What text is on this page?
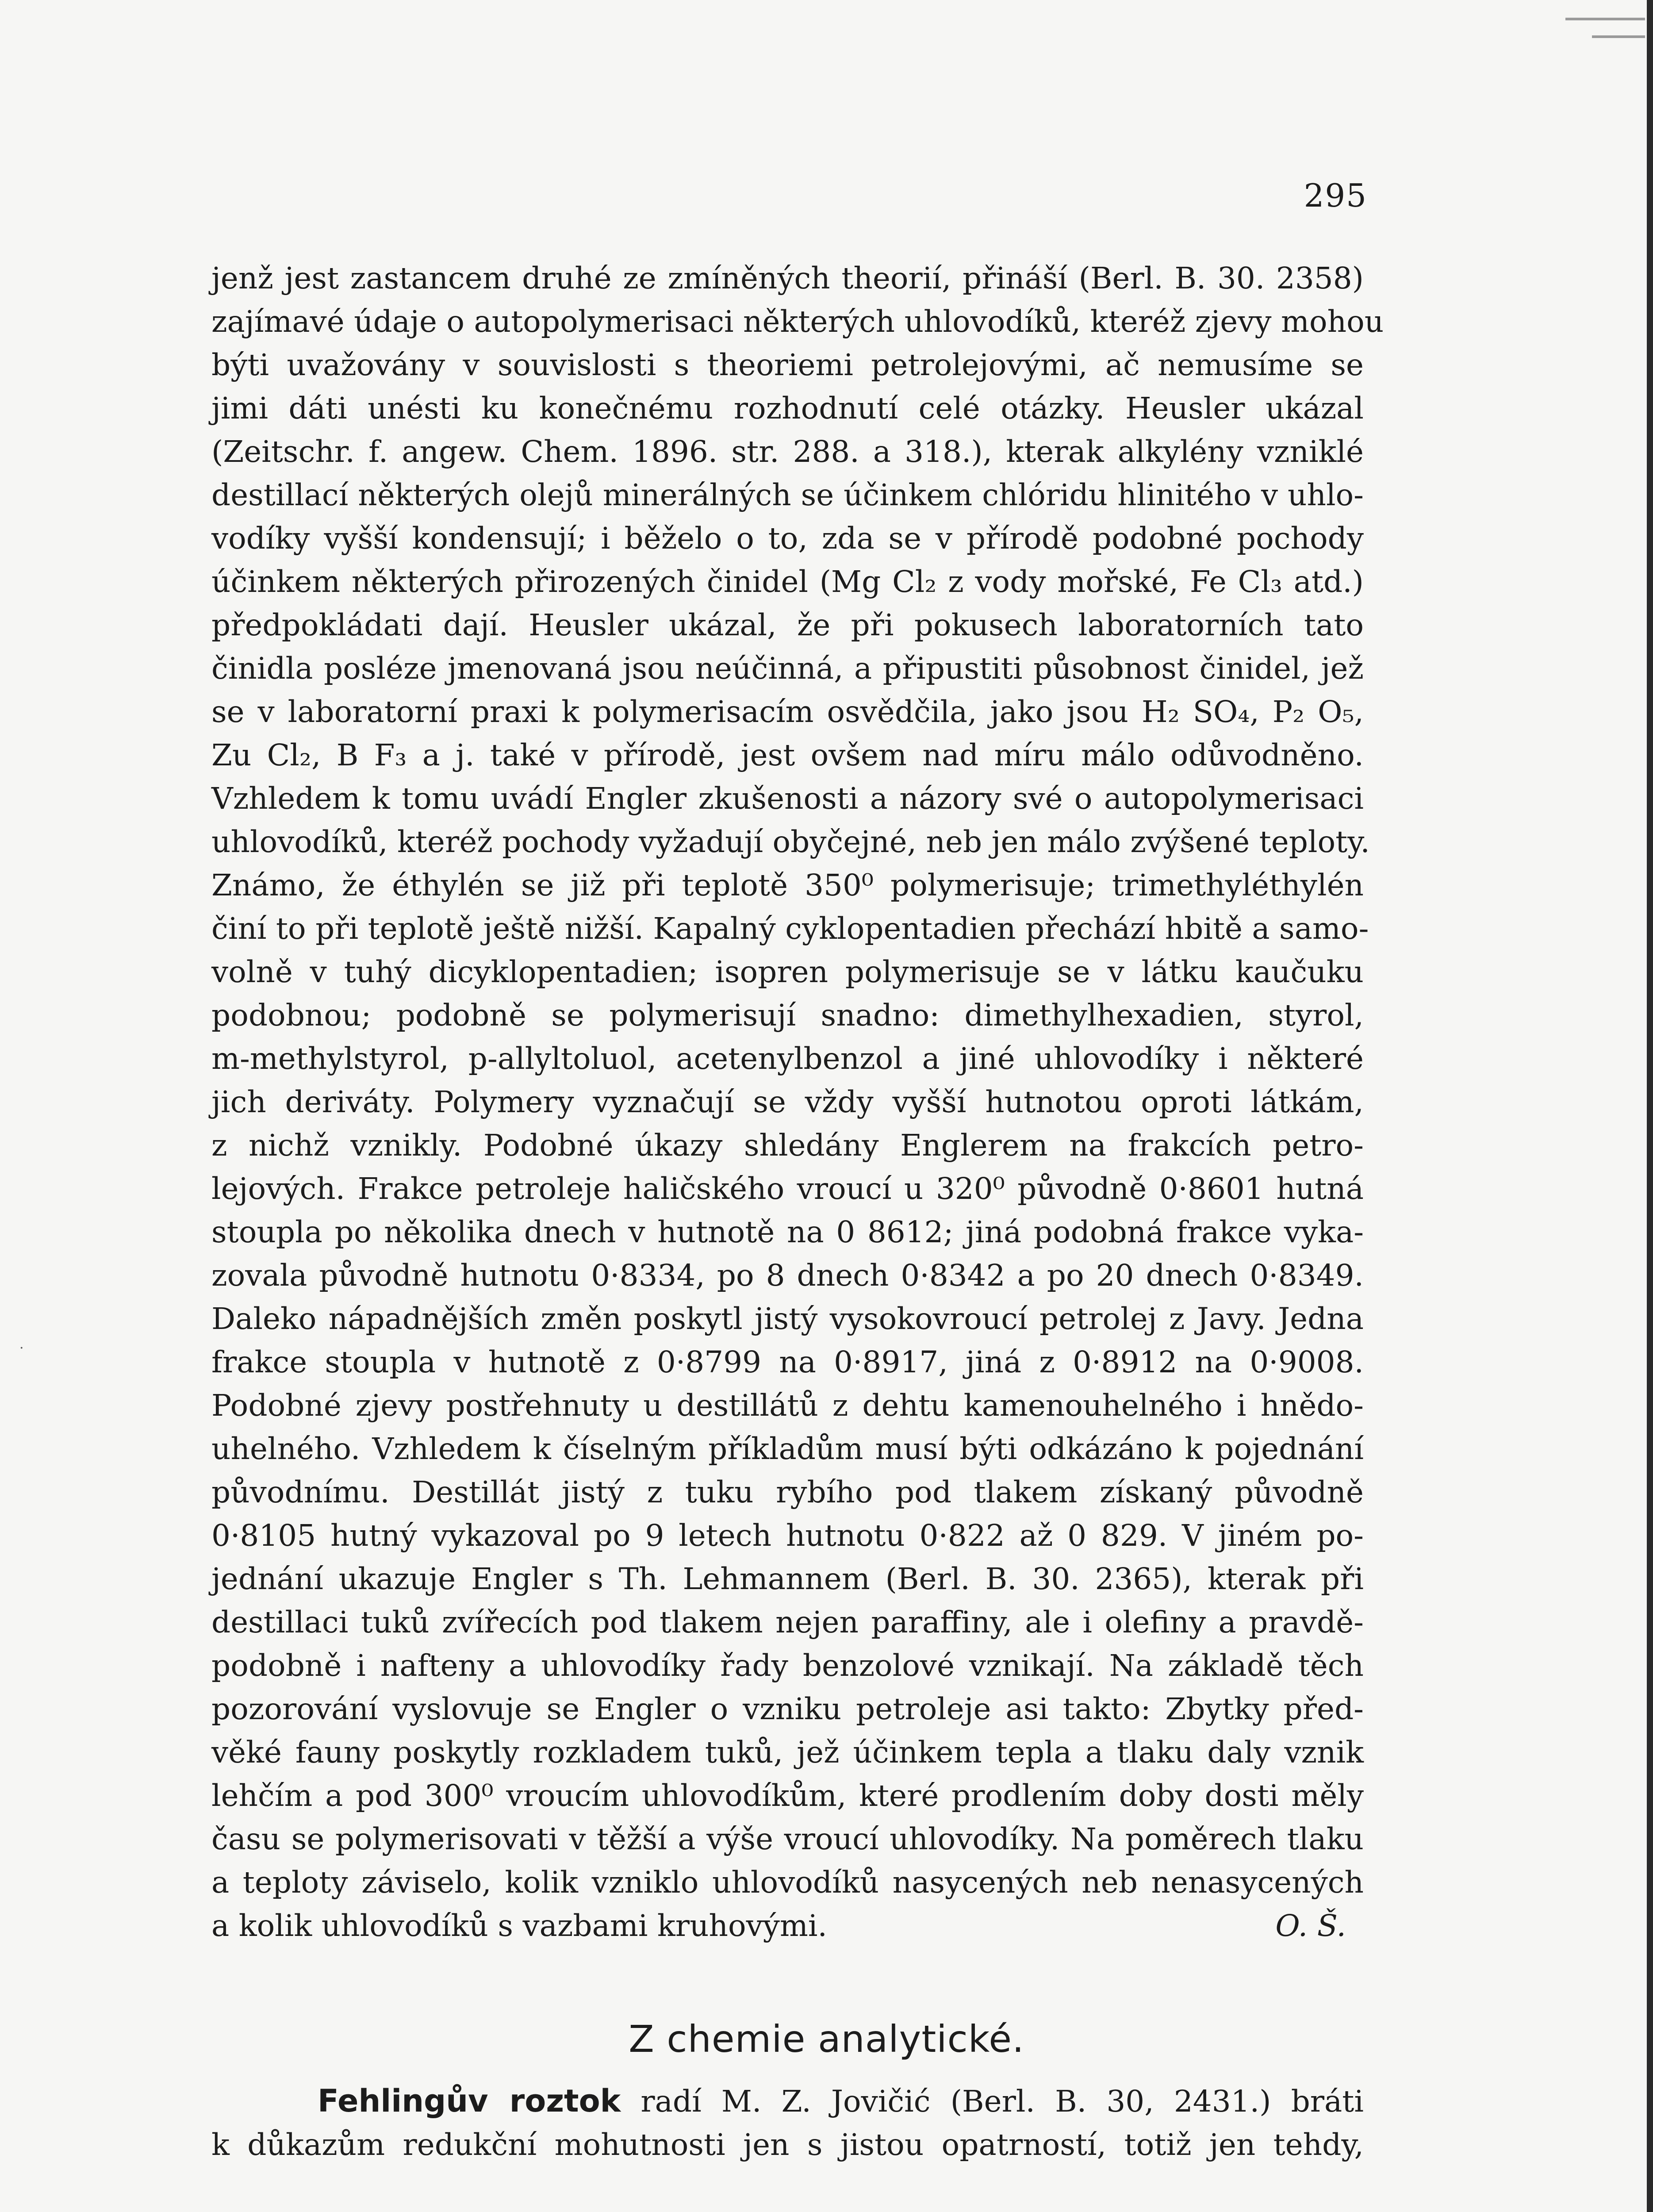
·
295
jenž jest zastancem druhé ze zmíněných theorií, přináší (Berl. B. 30. 2358)
zajímavé údaje o autopolymerisaci některých uhlovodíků, kteréž zjevy mohou
býti uvažovány v souvislosti s theoriemi petrolejovými, ač nemusíme se
jimi dáti unésti ku konečnému rozhodnutí celé otázky. Heusler ukázal
(Zeitschr. f. angew. Chem. 1896. str. 288. a 318.), kterak alkylény vzniklé
destillací některých olejů minerálných se účinkem chlóridu hlinitého v uhlo-
vodíky vyšší kondensují; i běželo o to, zda se v přírodě podobné pochody
účinkem některých přirozených činidel (Mg Cl₂ z vody mořské, Fe Cl₃ atd.)
předpokládati dají. Heusler ukázal, že při pokusech laboratorních tato
činidla posléze jmenovaná jsou neúčinná, a připustiti působnost činidel, jež
se v laboratorní praxi k polymerisacím osvědčila, jako jsou H₂ SO₄, P₂ O₅,
Zu Cl₂, B F₃ a j. také v přírodě, jest ovšem nad míru málo odůvodněno.
Vzhledem k tomu uvádí Engler zkušenosti a názory své o autopolymerisaci
uhlovodíků, kteréž pochody vyžadují obyčejné, neb jen málo zvýšené teploty.
Známo, že éthylén se již při teplotě 350⁰ polymerisuje; trimethyléthylén
činí to při teplotě ještě nižší. Kapalný cyklopentadien přechází hbitě a samo-
volně v tuhý dicyklopentadien; isopren polymerisuje se v látku kaučuku
podobnou; podobně se polymerisují snadno: dimethylhexadien, styrol,
m-methylstyrol, p-allyltoluol, acetenylbenzol a jiné uhlovodíky i některé
jich deriváty. Polymery vyznačují se vždy vyšší hutnotou oproti látkám,
z nichž vznikly. Podobné úkazy shledány Englerem na frakcích petro-
lejových. Frakce petroleje haličského vroucí u 320⁰ původně 0·8601 hutná
stoupla po několika dnech v hutnotě na 0 8612; jiná podobná frakce vyka-
zovala původně hutnotu 0·8334, po 8 dnech 0·8342 a po 20 dnech 0·8349.
Daleko nápadnějších změn poskytl jistý vysokovroucí petrolej z Javy. Jedna
frakce stoupla v hutnotě z 0·8799 na 0·8917, jiná z 0·8912 na 0·9008.
Podobné zjevy postřehnuty u destillátů z dehtu kamenouhelného i hnědo-
uhelného. Vzhledem k číselným příkladům musí býti odkázáno k pojednání
původnímu. Destillát jistý z tuku rybího pod tlakem získaný původně
0·8105 hutný vykazoval po 9 letech hutnotu 0·822 až 0 829. V jiném po-
jednání ukazuje Engler s Th. Lehmannem (Berl. B. 30. 2365), kterak při
destillaci tuků zvířecích pod tlakem nejen paraffiny, ale i olefiny a pravdě-
podobně i nafteny a uhlovodíky řady benzolové vznikají. Na základě těch
pozorování vyslovuje se Engler o vzniku petroleje asi takto: Zbytky před-
věké fauny poskytly rozkladem tuků, jež účinkem tepla a tlaku daly vznik
lehčím a pod 300⁰ vroucím uhlovodíkům, které prodlením doby dosti měly
času se polymerisovati v těžší a výše vroucí uhlovodíky. Na poměrech tlaku
a teploty záviselo, kolik vzniklo uhlovodíků nasycených neb nenasycených
a kolik uhlovodíků s vazbami kruhovými.	O. Š.
Z chemie analytické.
Fehlingův roztok radí M. Z. Jovičić (Berl. B. 30, 2431.) bráti
k důkazům redukční mohutnosti jen s jistou opatrností, totiž jen tehdy,
